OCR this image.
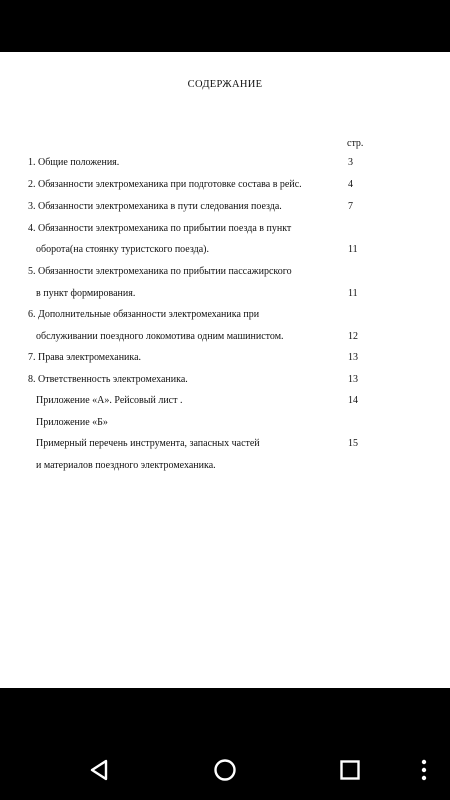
СОДЕРЖАНИЕ
стр.
1. Общие положения.	3
2. Обязанности электромеханика при подготовке состава в рейс.	4
3. Обязанности электромеханика в пути следования поезда.	7
4. Обязанности электромеханика по прибытии поезда в пункт
оборота(на стоянку туристского поезда).	11
5. Обязанности электромеханика по прибытии пассажирского
в пункт формирования.	11
6. Дополнительные обязанности электромеханика при
обслуживании поездного локомотива одним машинистом.	12
7. Права электромеханика.	13
8. Ответственность электромеханика.	13
Приложение «А». Рейсовый лист .	14
Приложение «Б»
Примерный перечень инструмента, запасных частей	15
и материалов поездного электромеханика.
